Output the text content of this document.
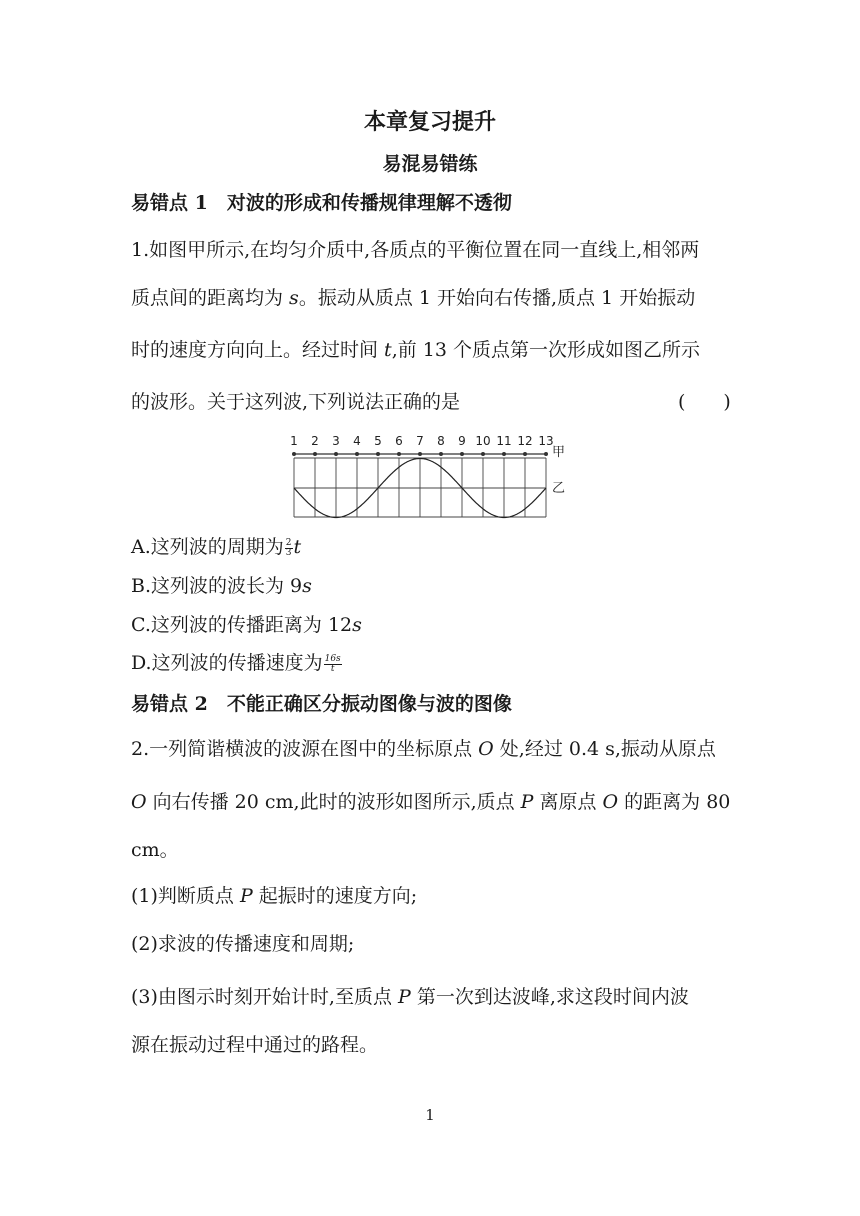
本章复习提升
易混易错练
易错点 1　对波的形成和传播规律理解不透彻
1.如图甲所示,在均匀介质中,各质点的平衡位置在同一直线上,相邻两
质点间的距离均为 s。振动从质点 1 开始向右传播,质点 1 开始振动
时的速度方向向上。经过时间 t,前 13 个质点第一次形成如图乙所示
的波形。关于这列波,下列说法正确的是	(　　)
1 2 3 4 5 6 7 8 9 10 11 12 13
甲
乙
A.这列波的周期为 $\frac{2}{3}$ t
B.这列波的波长为 9s
C.这列波的传播距离为 12s
D.这列波的传播速度为 $\frac{16s}{t}$
易错点 2　不能正确区分振动图像与波的图像
2.一列简谐横波的波源在图中的坐标原点 O 处,经过 0.4 s,振动从原点
O 向右传播 20 cm,此时的波形如图所示,质点 P 离原点 O 的距离为 80
cm。
(1)判断质点 P 起振时的速度方向;
(2)求波的传播速度和周期;
(3)由图示时刻开始计时,至质点 P 第一次到达波峰,求这段时间内波
源在振动过程中通过的路程。
1
